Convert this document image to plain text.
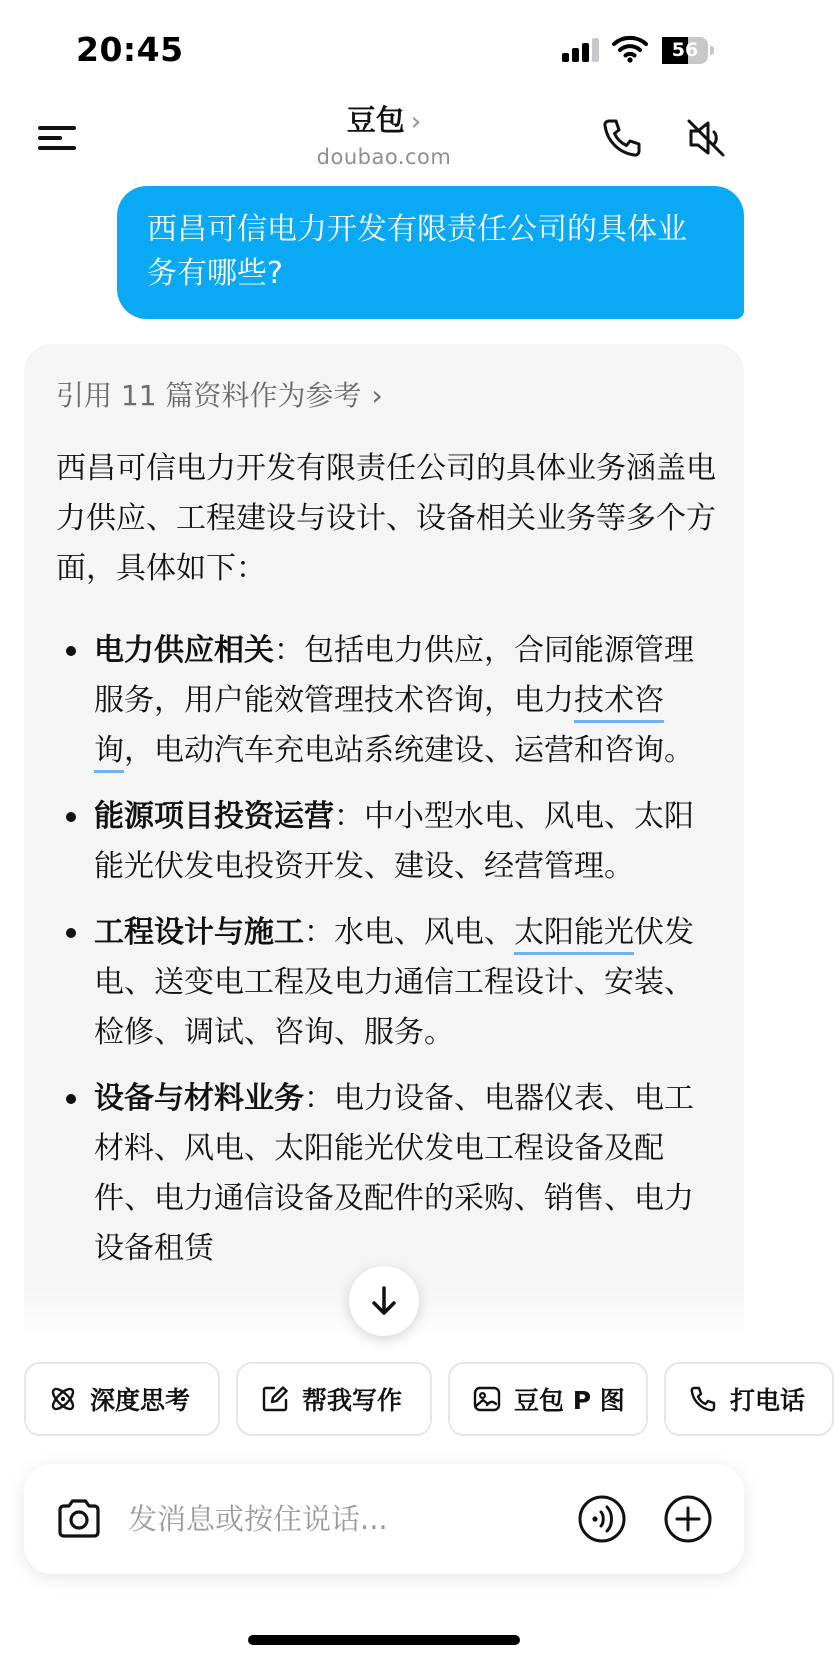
20:45	56
豆包 ›
doubao.com
西昌可信电力开发有限责任公司的具体业务有哪些?
引用 11 篇资料作为参考 ›
西昌可信电力开发有限责任公司的具体业务涵盖电力供应、工程建设与设计、设备相关业务等多个方面，具体如下：
电力供应相关：包括电力供应，合同能源管理服务，用户能效管理技术咨询，电力技术咨询，电动汽车充电站系统建设、运营和咨询。
能源项目投资运营：中小型水电、风电、太阳能光伏发电投资开发、建设、经营管理。
工程设计与施工：水电、风电、太阳能光伏发电、送变电工程及电力通信工程设计、安装、检修、调试、咨询、服务。
设备与材料业务：电力设备、电器仪表、电工材料、风电、太阳能光伏发电工程设备及配件、电力通信设备及配件的采购、销售、电力设备租赁
深度思考	帮我写作	豆包 P 图	打电话
发消息或按住说话...
